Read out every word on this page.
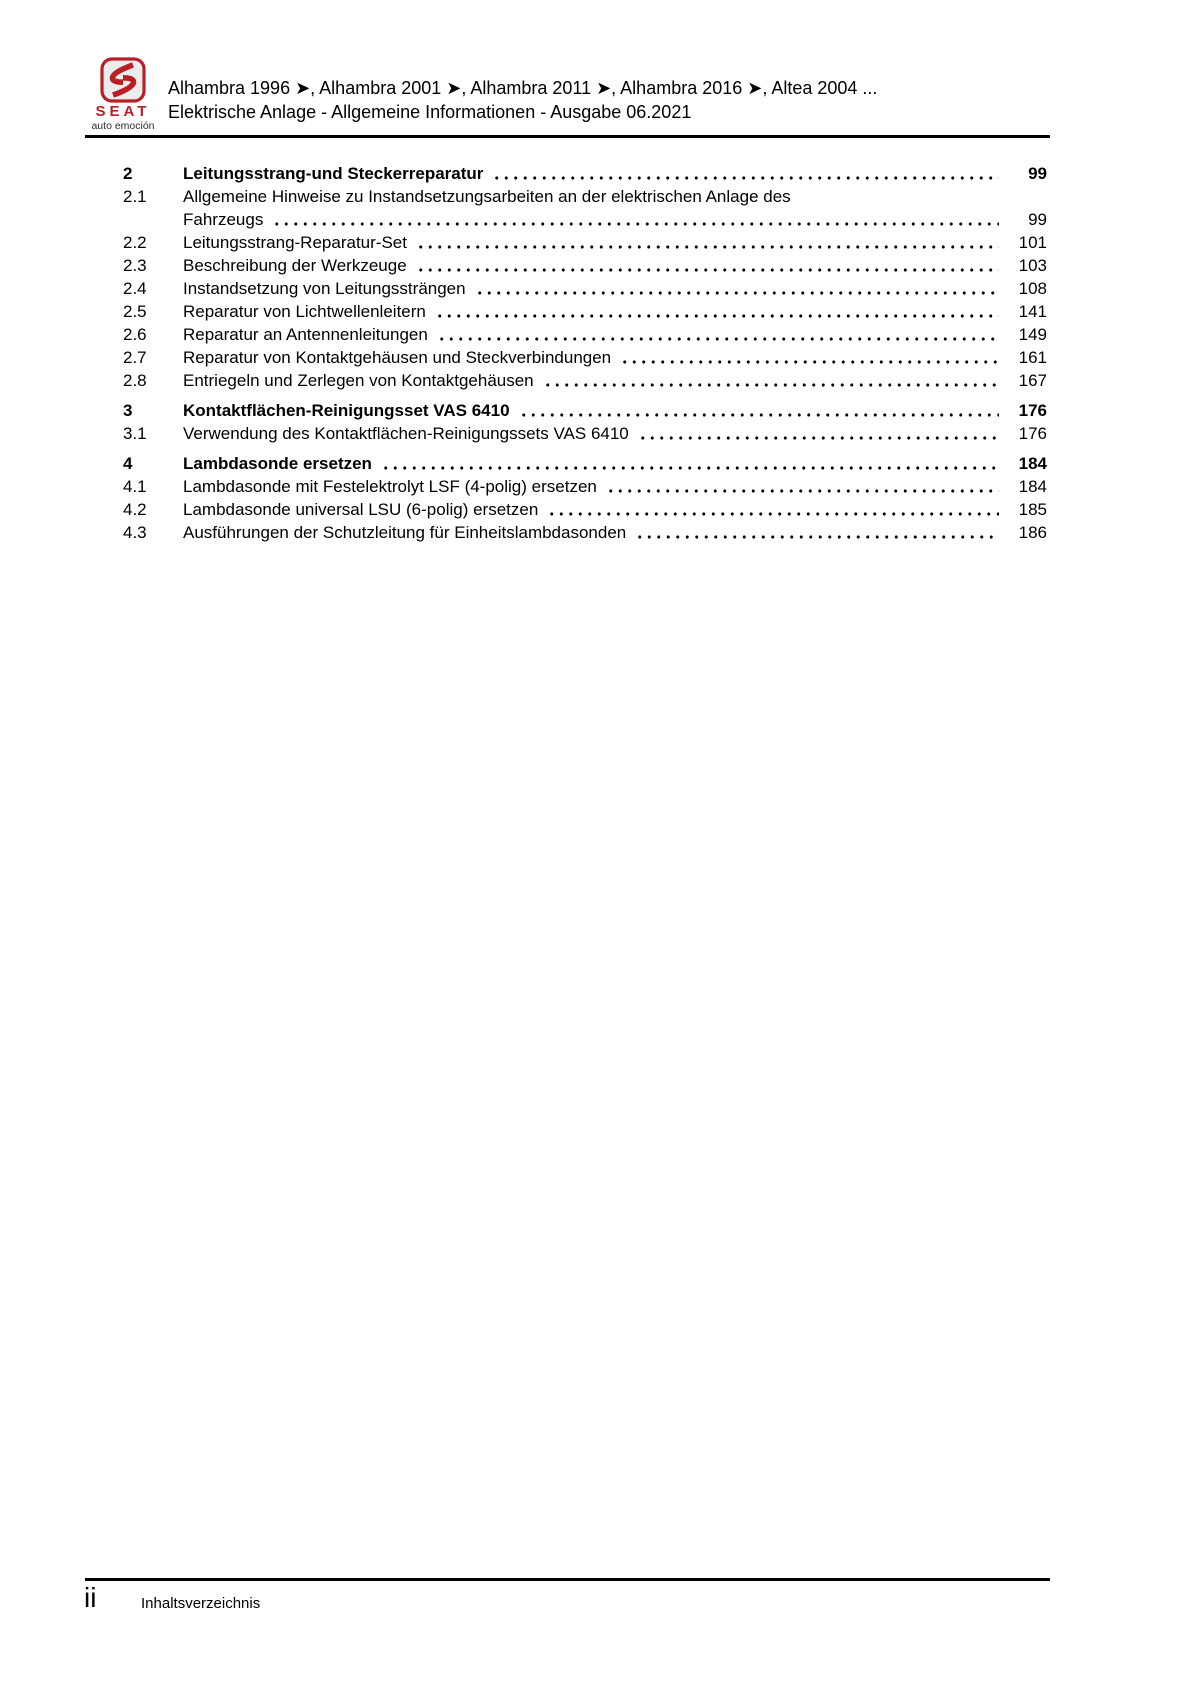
SEAT
auto emoción
Alhambra 1996 ➤, Alhambra 2001 ➤, Alhambra 2011 ➤, Alhambra 2016 ➤, Altea 2004 ...
Elektrische Anlage - Allgemeine Informationen - Ausgabe 06.2021
2	Leitungsstrang-und Steckerreparatur	99
2.1	Allgemeine Hinweise zu Instandsetzungsarbeiten an der elektrischen Anlage des
Fahrzeugs	99
2.2	Leitungsstrang-Reparatur-Set	101
2.3	Beschreibung der Werkzeuge	103
2.4	Instandsetzung von Leitungssträngen	108
2.5	Reparatur von Lichtwellenleitern	141
2.6	Reparatur an Antennenleitungen	149
2.7	Reparatur von Kontaktgehäusen und Steckverbindungen	161
2.8	Entriegeln und Zerlegen von Kontaktgehäusen	167
3	Kontaktflächen-Reinigungsset VAS 6410	176
3.1	Verwendung des Kontaktflächen-Reinigungssets VAS 6410	176
4	Lambdasonde ersetzen	184
4.1	Lambdasonde mit Festelektrolyt LSF (4-polig) ersetzen	184
4.2	Lambdasonde universal LSU (6-polig) ersetzen	185
4.3	Ausführungen der Schutzleitung für Einheitslambdasonden	186
ii	Inhaltsverzeichnis
